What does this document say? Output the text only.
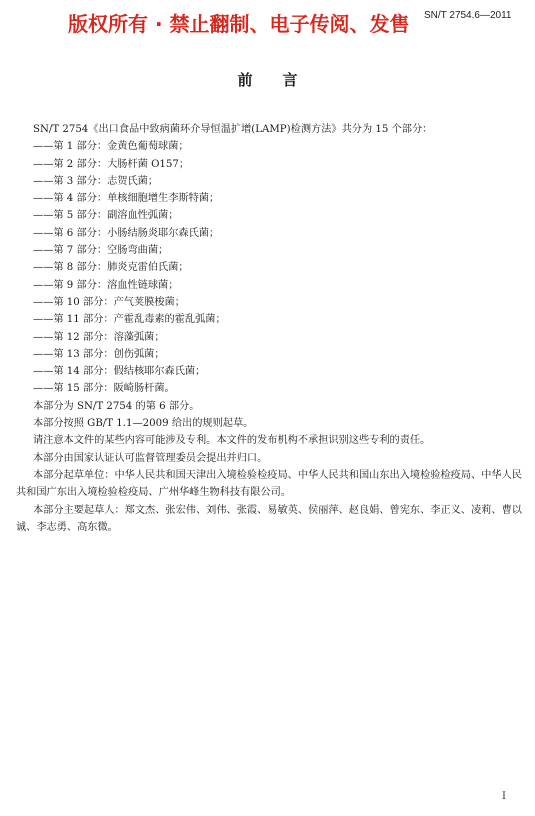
版权所有 · 禁止翻制、电子传阅、发售 SN/T 2754.6—2011
前言

SN/T 2754《出口食品中致病菌环介导恒温扩增(LAMP)检测方法》共分为 15 个部分：

——第 1 部分：金黄色葡萄球菌；

——第 2 部分：大肠杆菌 O157；

——第 3 部分：志贺氏菌；

——第 4 部分：单核细胞增生李斯特菌；

——第 5 部分：副溶血性弧菌；

——第 6 部分：小肠结肠炎耶尔森氏菌；

——第 7 部分：空肠弯曲菌；

——第 8 部分：肺炎克雷伯氏菌；

——第 9 部分：溶血性链球菌；

——第 10 部分：产气荚膜梭菌；

——第 11 部分：产霍乱毒素的霍乱弧菌；

——第 12 部分：溶藻弧菌；

——第 13 部分：创伤弧菌；

——第 14 部分：假结核耶尔森氏菌；

——第 15 部分：阪崎肠杆菌。

本部分为 SN/T 2754 的第 6 部分。

本部分按照 GB/T 1.1—2009 给出的规则起草。

请注意本文件的某些内容可能涉及专利。本文件的发布机构不承担识别这些专利的责任。

本部分由国家认证认可监督管理委员会提出并归口。

本部分起草单位：中华人民共和国天津出入境检验检疫局、中华人民共和国山东出入境检验检疫局、中华人民共和国广东出入境检验检疫局、广州华峰生物科技有限公司。

本部分主要起草人：郑文杰、张宏伟、刘伟、张霞、易敏英、侯丽萍、赵良娟、曾宪东、李正义、凌莉、曹以诚、李志勇、高东微。

I
